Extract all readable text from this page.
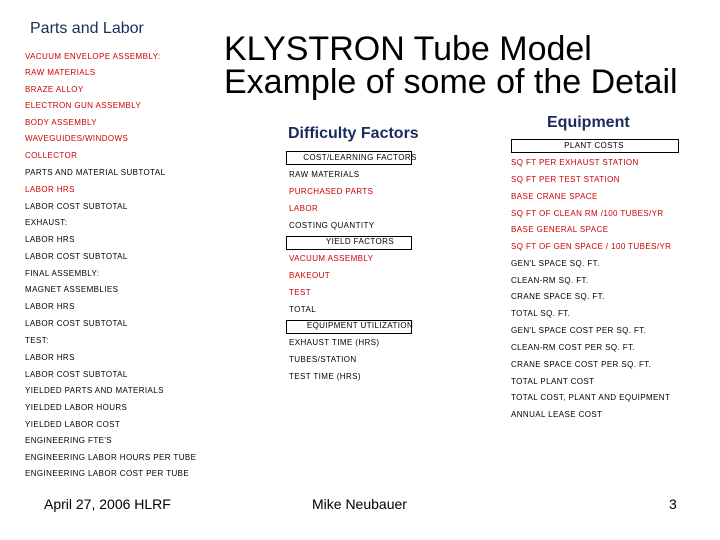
Parts and Labor
VACUUM ENVELOPE ASSEMBLY:
RAW MATERIALS
BRAZE ALLOY
ELECTRON GUN ASSEMBLY
BODY ASSEMBLY
WAVEGUIDES/WINDOWS
COLLECTOR
PARTS AND MATERIAL SUBTOTAL
LABOR HRS
LABOR COST SUBTOTAL
EXHAUST:
LABOR HRS
LABOR COST SUBTOTAL
FINAL ASSEMBLY:
MAGNET ASSEMBLIES
LABOR HRS
LABOR COST SUBTOTAL
TEST:
LABOR HRS
LABOR COST SUBTOTAL
YIELDED PARTS AND MATERIALS
YIELDED LABOR HOURS
YIELDED LABOR COST
ENGINEERING FTE'S
ENGINEERING LABOR HOURS PER TUBE
ENGINEERING LABOR COST PER TUBE
KLYSTRON Tube Model
Example of some of the Detail
Difficulty Factors
COST/LEARNING FACTORS
RAW MATERIALS
PURCHASED PARTS
LABOR
COSTING QUANTITY
YIELD FACTORS
VACUUM ASSEMBLY
BAKEOUT
TEST
TOTAL
EQUIPMENT UTILIZATION
EXHAUST TIME (HRS)
TUBES/STATION
TEST TIME (HRS)
Equipment
PLANT COSTS
SQ FT PER EXHAUST STATION
SQ FT PER TEST STATION
BASE CRANE SPACE
SQ FT OF CLEAN RM /100 TUBES/YR
BASE GENERAL SPACE
SQ FT OF GEN SPACE / 100 TUBES/YR
GEN'L SPACE SQ. FT.
CLEAN-RM SQ. FT.
CRANE SPACE SQ. FT.
TOTAL SQ. FT.
GEN'L SPACE COST PER SQ. FT.
CLEAN-RM COST PER SQ. FT.
CRANE SPACE COST PER SQ. FT.
TOTAL PLANT COST
TOTAL COST, PLANT AND EQUIPMENT
ANNUAL LEASE COST
April 27, 2006 HLRF	Mike Neubauer	3
